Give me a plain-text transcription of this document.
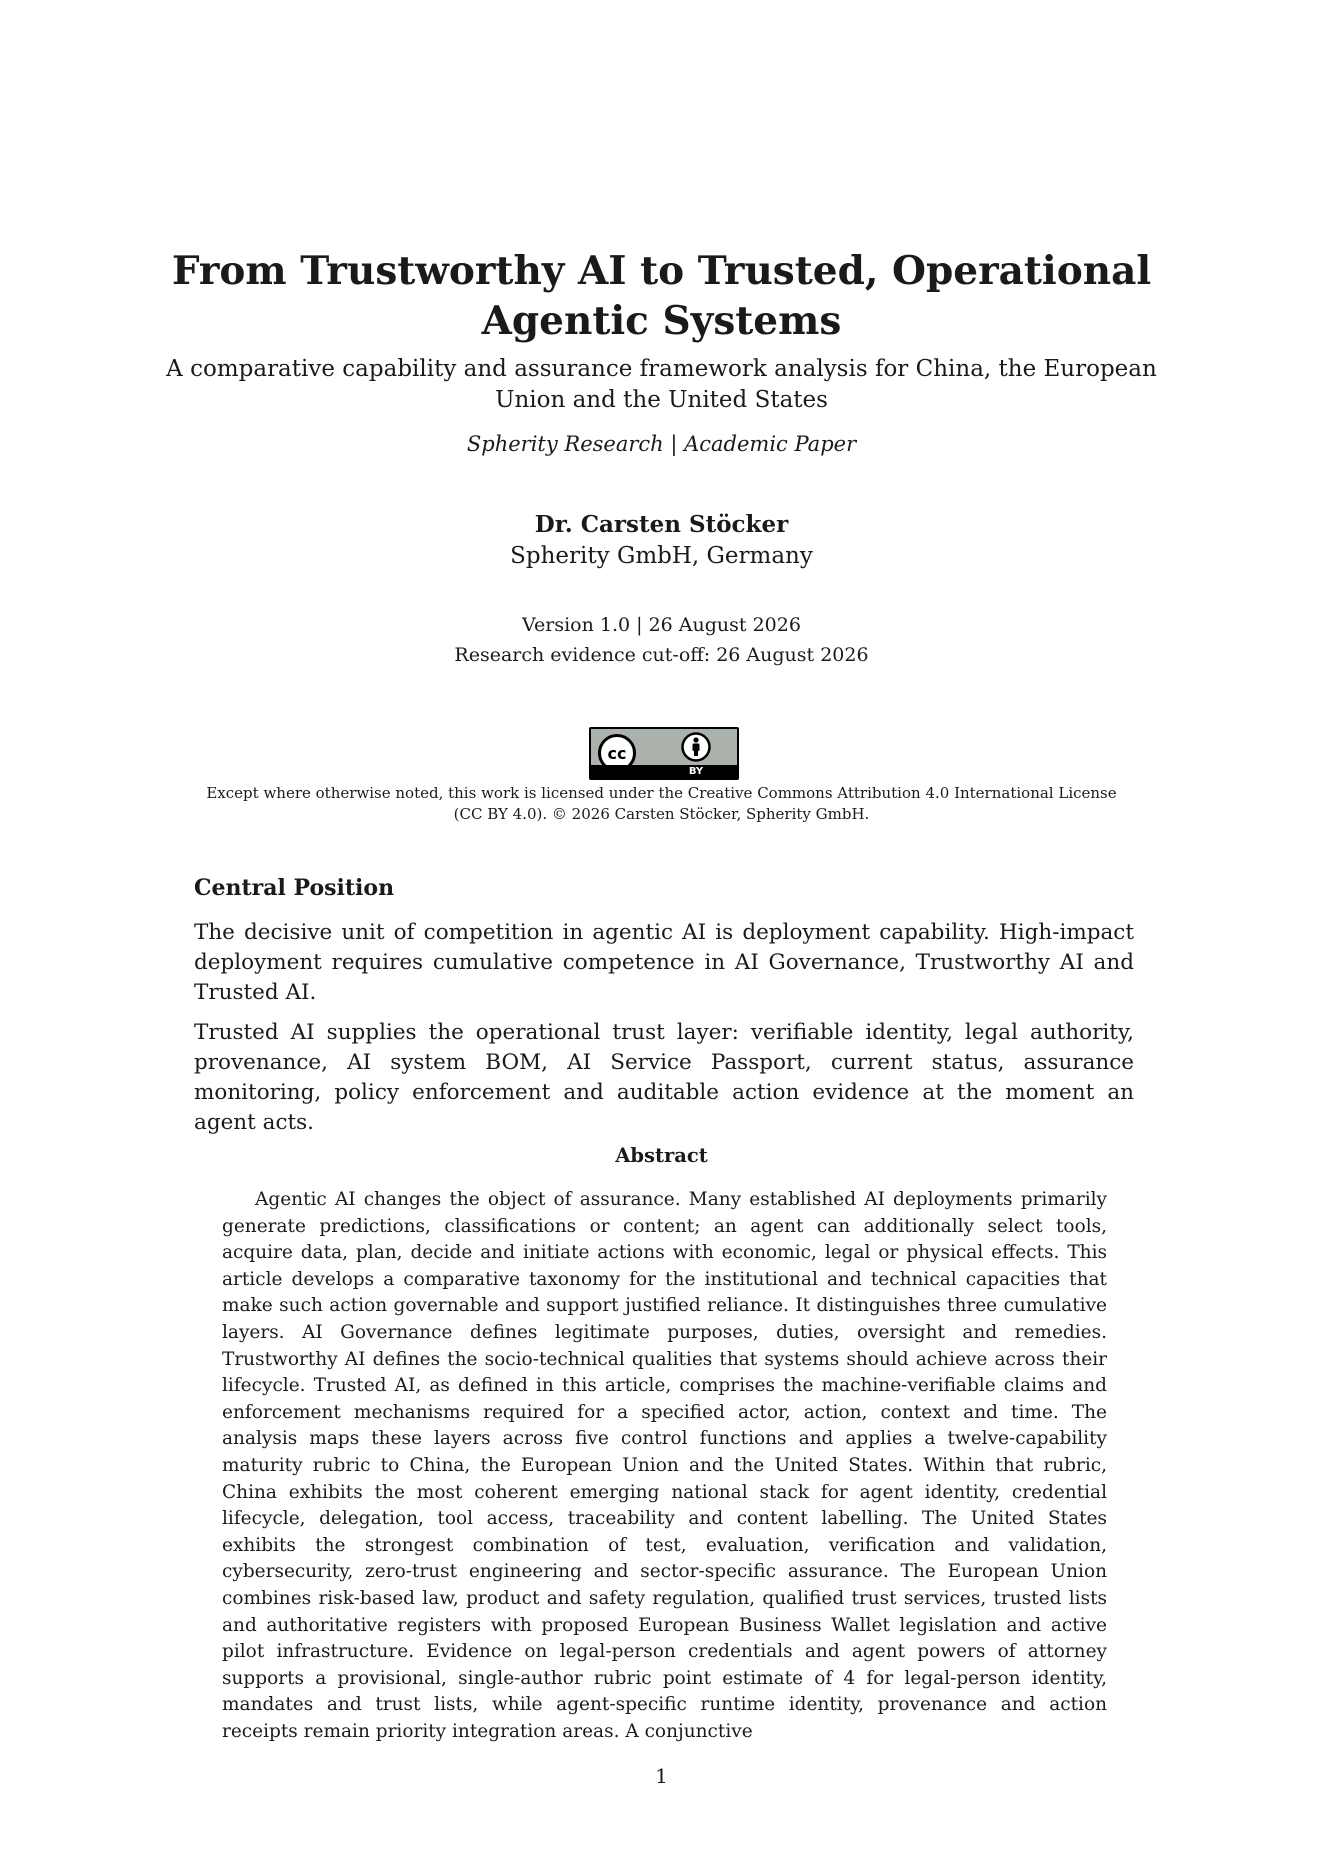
From Trustworthy AI to Trusted, Operational Agentic Systems

A comparative capability and assurance framework analysis for China, the European Union and the United States

Spherity Research | Academic Paper
Dr. Carsten Stöcker
Spherity GmbH, Germany
Version 1.0 | 26 August 2026
Research evidence cut-off: 26 August 2026
cc
BY
Except where otherwise noted, this work is licensed under the Creative Commons Attribution 4.0 International License (CC BY 4.0). © 2026 Carsten Stöcker, Spherity GmbH.
Central Position

The decisive unit of competition in agentic AI is deployment capability. High-impact deployment requires cumulative competence in AI Governance, Trustworthy AI and Trusted AI.

Trusted AI supplies the operational trust layer: verifiable identity, legal authority, provenance, AI system BOM, AI Service Passport, current status, assurance monitoring, policy enforcement and auditable action evidence at the moment an agent acts.

Abstract

Agentic AI changes the object of assurance. Many established AI deployments primarily generate predictions, classifications or content; an agent can additionally select tools, acquire data, plan, decide and initiate actions with economic, legal or physical effects. This article develops a comparative taxonomy for the institutional and technical capacities that make such action governable and support justified reliance. It distinguishes three cumulative layers. AI Governance defines legitimate purposes, duties, oversight and remedies. Trustworthy AI defines the socio-technical qualities that systems should achieve across their lifecycle. Trusted AI, as defined in this article, comprises the machine-verifiable claims and enforcement mechanisms required for a specified actor, action, context and time. The analysis maps these layers across five control functions and applies a twelve-capability maturity rubric to China, the European Union and the United States. Within that rubric, China exhibits the most coherent emerging national stack for agent identity, credential lifecycle, delegation, tool access, traceability and content labelling. The United States exhibits the strongest combination of test, evaluation, verification and validation, cybersecurity, zero-trust engineering and sector-specific assurance. The European Union combines risk-based law, product and safety regulation, qualified trust services, trusted lists and authoritative registers with proposed European Business Wallet legislation and active pilot infrastructure. Evidence on legal-person credentials and agent powers of attorney supports a provisional, single-author rubric point estimate of 4 for legal-person identity, mandates and trust lists, while agent-specific runtime identity, provenance and action receipts remain priority integration areas. A conjunctive

1
